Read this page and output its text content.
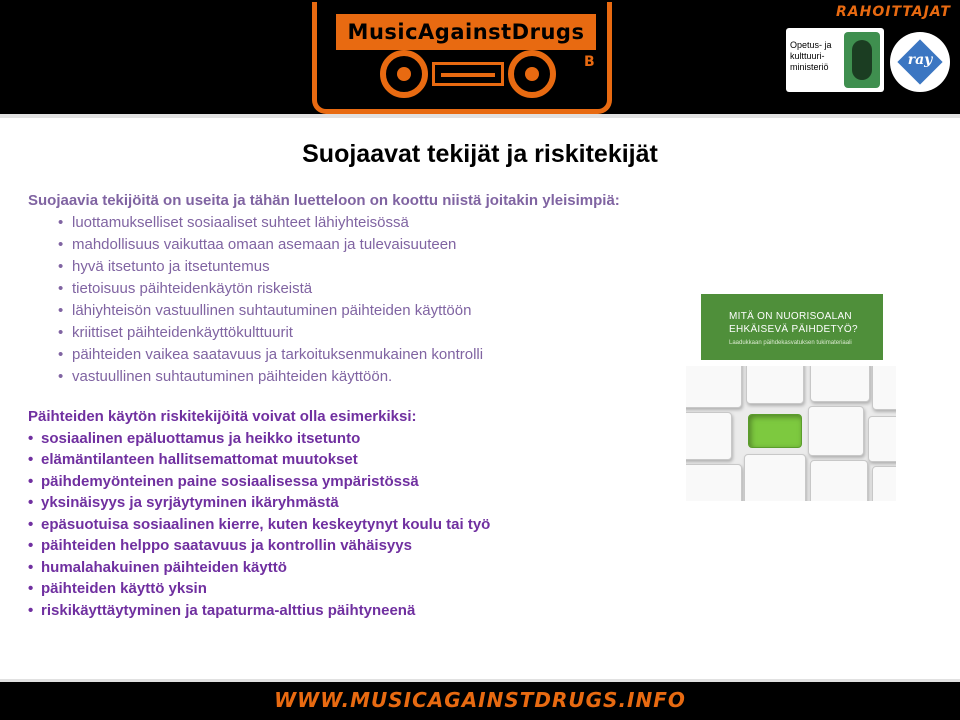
MusicAgainstDrugs
B
RAHOITTAJAT
Opetus- ja kulttuuri-ministeriö	ray
Suojaavat tekijät ja riskitekijät
Suojaavia tekijöitä on useita ja tähän luetteloon on koottu niistä joitakin yleisimpiä:
• luottamukselliset sosiaaliset suhteet lähiyhteisössä
• mahdollisuus vaikuttaa omaan asemaan ja tulevaisuuteen
• hyvä itsetunto ja itsetuntemus
• tietoisuus päihteidenkäytön riskeistä
• lähiyhteisön vastuullinen suhtautuminen päihteiden käyttöön
• kriittiset päihteidenkäyttökulttuurit
• päihteiden vaikea saatavuus ja tarkoituksenmukainen kontrolli
• vastuullinen suhtautuminen päihteiden käyttöön.
MITÄ ON NUORISOALAN
EHKÄISEVÄ PÄIHDETYÖ?
Laadukkaan päihdekasvatuksen tukimateriaali
Päihteiden käytön riskitekijöitä voivat olla esimerkiksi:
• sosiaalinen epäluottamus ja heikko itsetunto
• elämäntilanteen hallitsemattomat muutokset
• päihdemyönteinen paine sosiaalisessa ympäristössä
• yksinäisyys ja syrjäytyminen ikäryhmästä
• epäsuotuisa sosiaalinen kierre, kuten keskeytynyt koulu tai työ
• päihteiden helppo saatavuus ja kontrollin vähäisyys
• humalahakuinen päihteiden käyttö
• päihteiden käyttö yksin
• riskikäyttäytyminen ja tapaturma-alttius päihtyneenä
WWW.MUSICAGAINSTDRUGS.INFO
